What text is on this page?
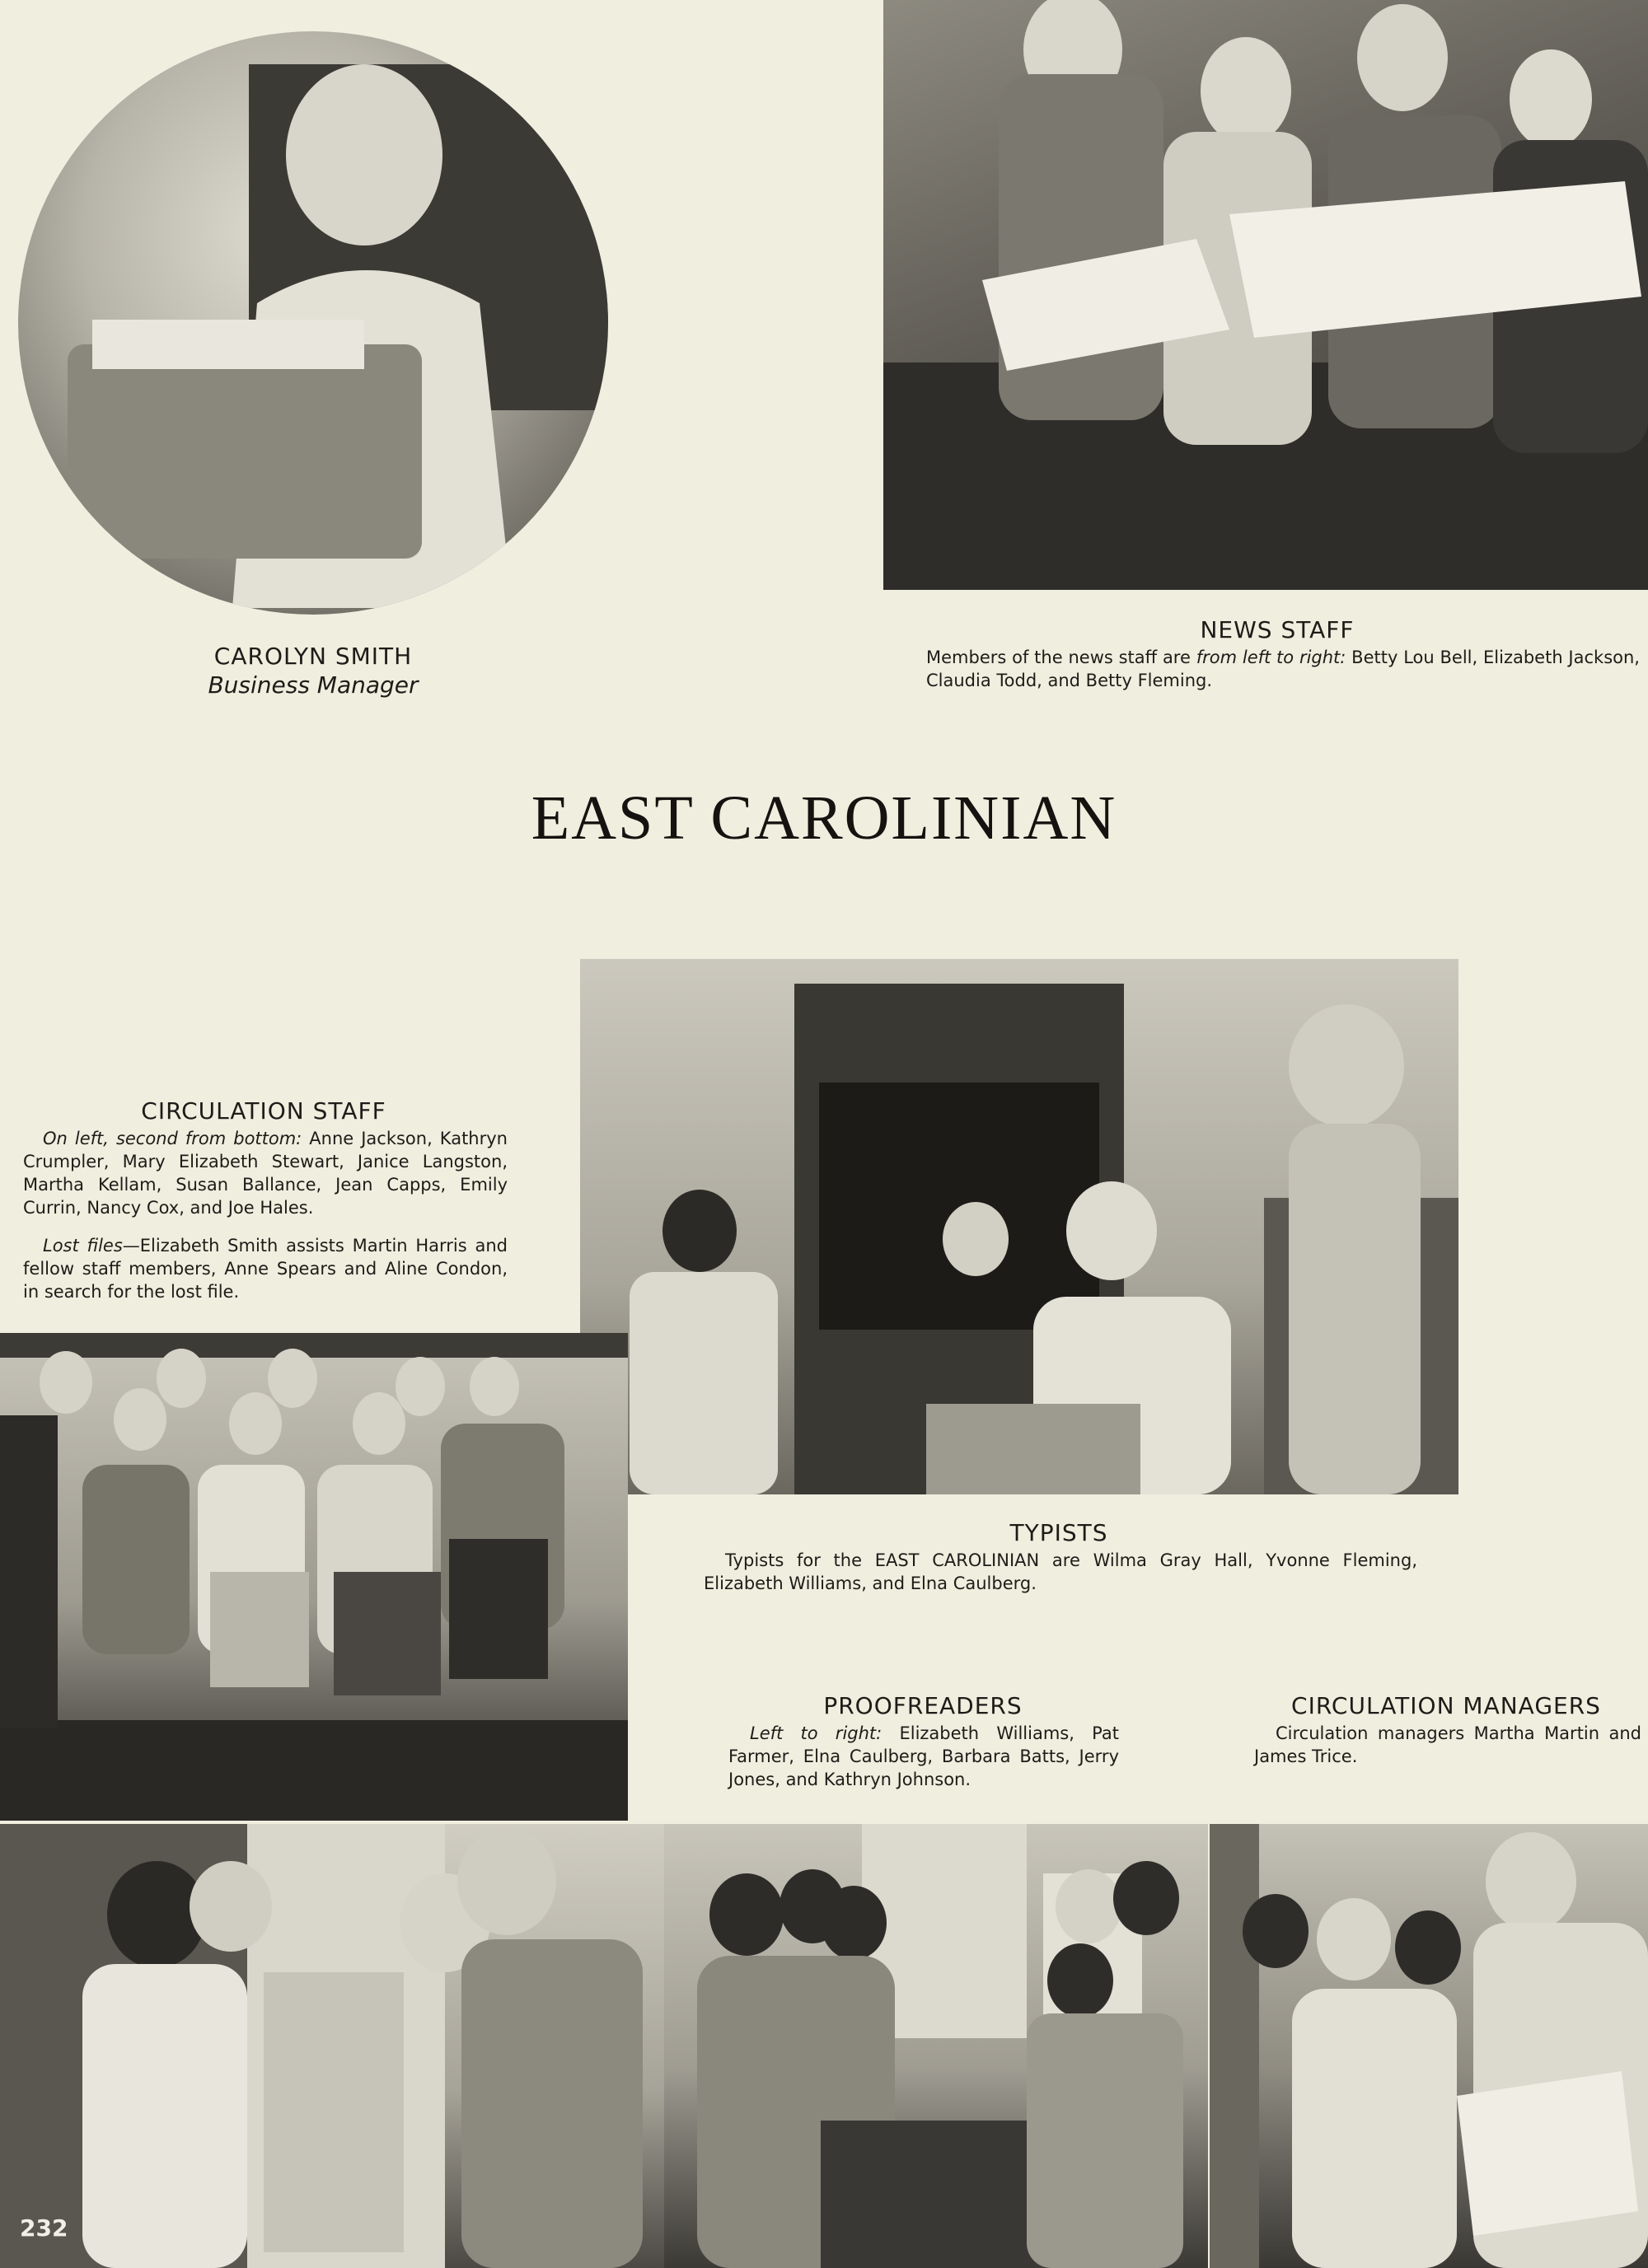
CAROLYN SMITH
Business Manager
NEWS STAFF
Members of the news staff are from left to right: Betty Lou Bell, Elizabeth Jackson, Claudia Todd, and Betty Fleming.
EAST CAROLINIAN
CIRCULATION STAFF
On left, second from bottom: Anne Jackson, Kathryn Crumpler, Mary Elizabeth Stewart, Janice Langston, Martha Kellam, Susan Ballance, Jean Capps, Emily Currin, Nancy Cox, and Joe Hales.
Lost files—Elizabeth Smith assists Martin Harris and fellow staff members, Anne Spears and Aline Condon, in search for the lost file.
TYPISTS
Typists for the EAST CAROLINIAN are Wilma Gray Hall, Yvonne Fleming, Elizabeth Williams, and Elna Caulberg.
PROOFREADERS
Left to right: Elizabeth Williams, Pat Farmer, Elna Caulberg, Barbara Batts, Jerry Jones, and Kathryn Johnson.
CIRCULATION MANAGERS
Circulation managers Martha Martin and James Trice.
232
